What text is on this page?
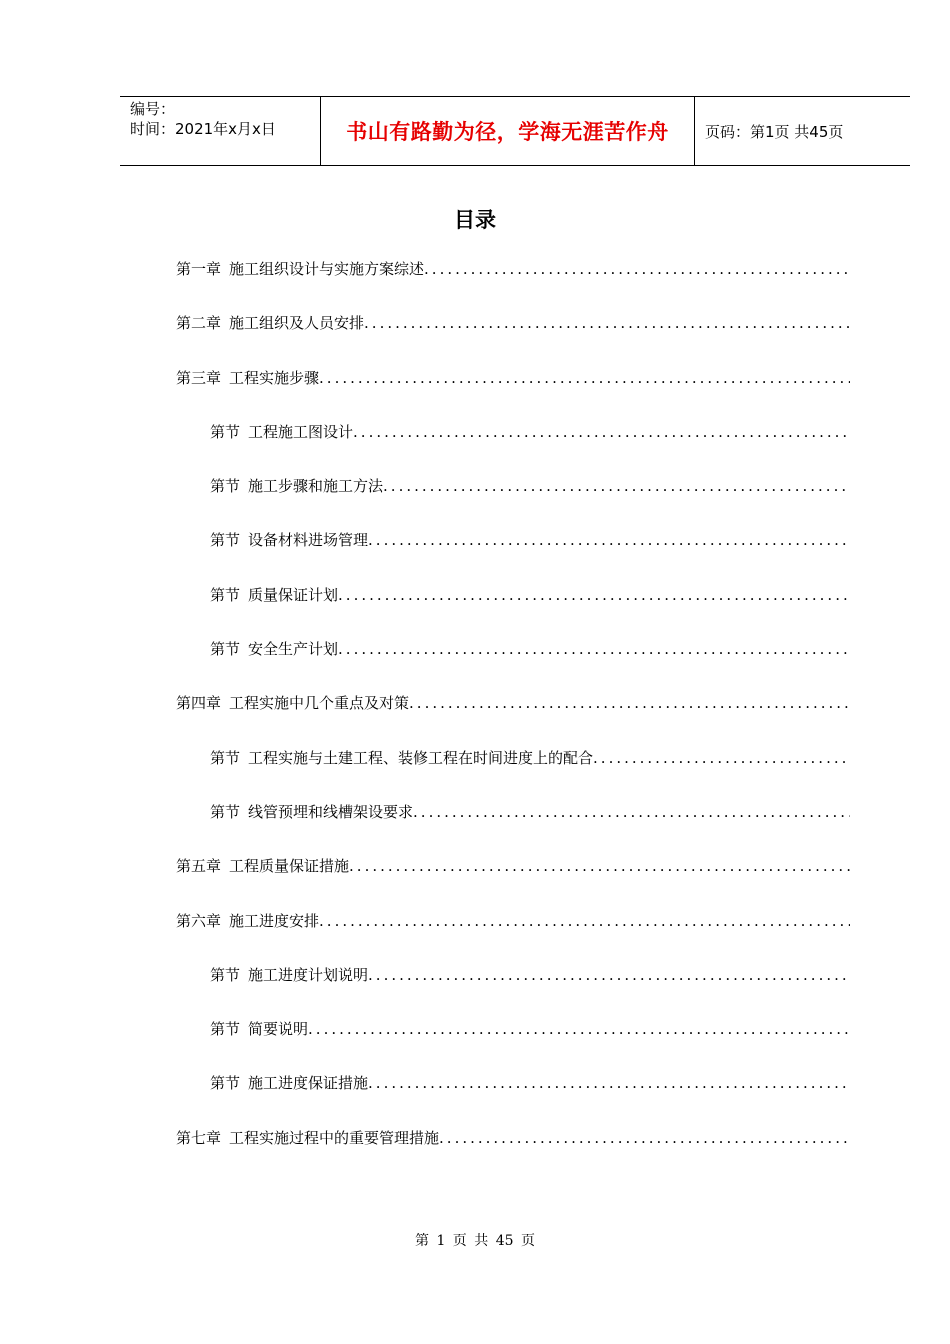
编号：
时间：2021年x月x日	书山有路勤为径，学海无涯苦作舟 页码：第1页 共45页
目录
第一章 施工组织设计与实施方案综述
.....
第二章 施工组织及人员安排
.....
第三章 工程实施步骤
.....
第节 工程施工图设计
.....
第节 施工步骤和施工方法
.....
第节 设备材料进场管理
.....
第节 质量保证计划
.....
第节 安全生产计划
.....
第四章 工程实施中几个重点及对策
.....
第节 工程实施与土建工程、装修工程在时间进度上的配合
.....
第节 线管预埋和线槽架设要求
.....
第五章 工程质量保证措施
.....
第六章 施工进度安排
.....
第节 施工进度计划说明
.....
第节 简要说明
.....
第节 施工进度保证措施
.....
第七章 工程实施过程中的重要管理措施
.....
第 1 页 共 45 页
